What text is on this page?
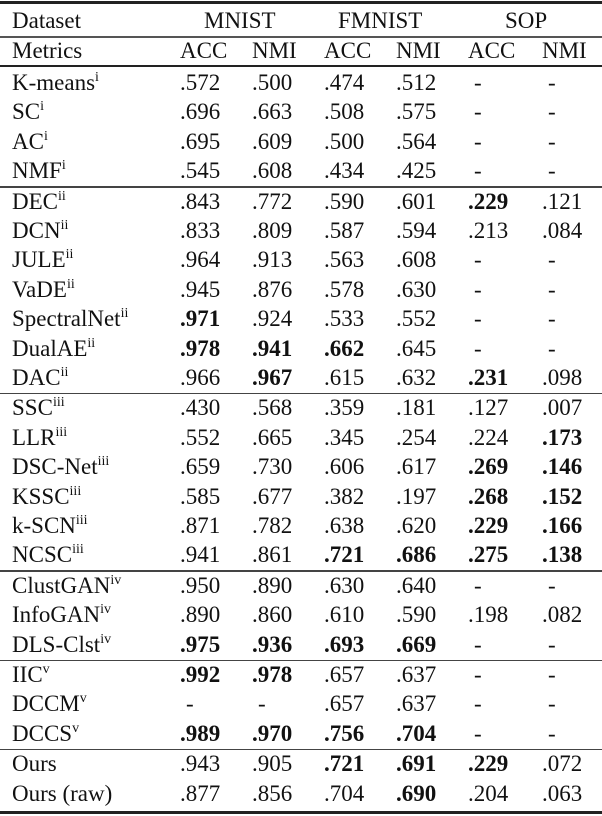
Dataset	MNIST	FMNIST	SOP
Metrics	ACC NMI ACC NMI ACC NMI
K-means$^i$	.572 .500 .474 .512 -	-
$SC^i$	.696 .663 .508 .575 -	-
$AC^i$	.695 .609 .500 .564 -	-
NMF$^i$	.545 .608 .434 .425 -	-
DEC$^{ii}$	.843 .772 .590 .601 .229 .121
DCN$^{ii}$	.833 .809 .587 .594 .213 .084
JULE$^{ii}$	.964 .913 .563 .608 -	-
VaDE$^{ii}$	.945 .876 .578 .630 -	-
SpectralNet$^{ii}$ .971 .924 .533 .552 -	-
DualAE$^{ii}$	.978 .941 .662 .645 -	-
DAC$^{ii}$	.966 .967 .615 .632 .231 .098
SSC$^{iii}$	.430 .568 .359 .181 .127 .007
LLR$^{iii}$	.552 .665 .345 .254 .224 .173
DSC-Net$^{iii}$	.659 .730 .606 .617 .269 .146
KSSC$^{iii}$	.585 .677 .382 .197 .268 .152
k-SCN$^{iii}$	.871 .782 .638 .620 .229 .166
NCSC$^{iii}$	.941 .861 .721 .686 .275 .138
ClustGAN$^{iv}$	.950 .890 .630 .640 -	-
InfoGAN$^{iv}$	.890 .860 .610 .590 .198 .082
DLS-Clst$^{iv}$	.975 .936 .693 .669 -	-
IIC$^v$	.992 .978 .657 .637 -	-
DCCM$^v$	-	-	.657 .637 -	-
DCCS$^v$	.989 .970 .756 .704 -	-
Ours	.943 .905 .721 .691 .229 .072
Ours (raw)	.877 .856 .704 .690 .204 .063
